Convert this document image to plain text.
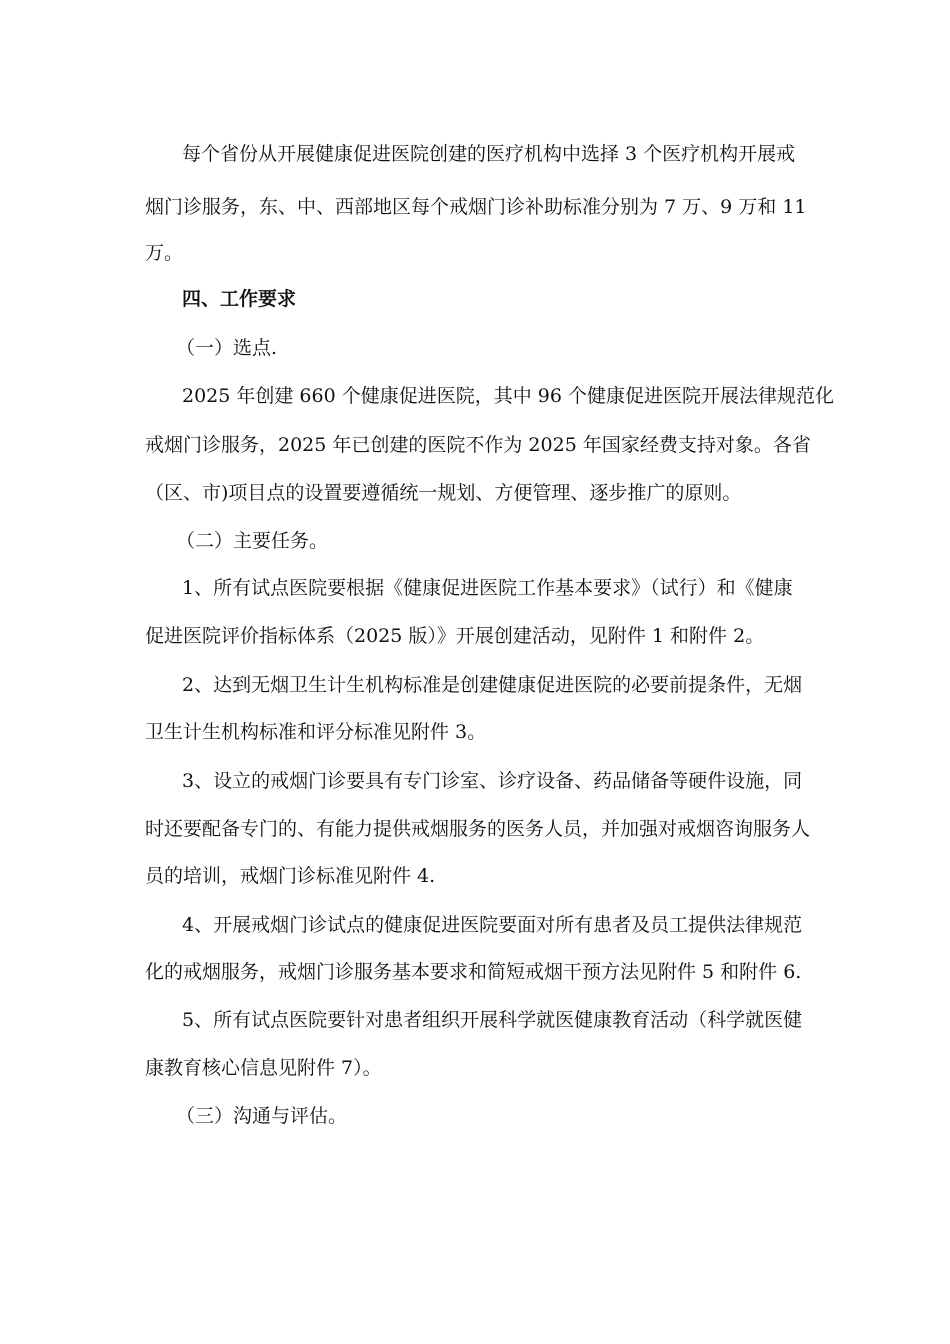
每个省份从开展健康促进医院创建的医疗机构中选择 3 个医疗机构开展戒
烟门诊服务，东、中、西部地区每个戒烟门诊补助标准分别为 7 万、9 万和 11
万。
四、工作要求
（一）选点.
2025 年创建 660 个健康促进医院，其中 96 个健康促进医院开展法律规范化
戒烟门诊服务，2025 年已创建的医院不作为 2025 年国家经费支持对象。各省
（区、市)项目点的设置要遵循统一规划、方便管理、逐步推广的原则。
（二）主要任务。
1、所有试点医院要根据《健康促进医院工作基本要求》（试行）和《健康
促进医院评价指标体系（2025 版）》开展创建活动，见附件 1 和附件 2。
2、达到无烟卫生计生机构标准是创建健康促进医院的必要前提条件，无烟
卫生计生机构标准和评分标准见附件 3。
3、设立的戒烟门诊要具有专门诊室、诊疗设备、药品储备等硬件设施，同
时还要配备专门的、有能力提供戒烟服务的医务人员，并加强对戒烟咨询服务人
员的培训，戒烟门诊标准见附件 4.
4、开展戒烟门诊试点的健康促进医院要面对所有患者及员工提供法律规范
化的戒烟服务，戒烟门诊服务基本要求和简短戒烟干预方法见附件 5 和附件 6.
5、所有试点医院要针对患者组织开展科学就医健康教育活动（科学就医健
康教育核心信息见附件 7）。
（三）沟通与评估。
